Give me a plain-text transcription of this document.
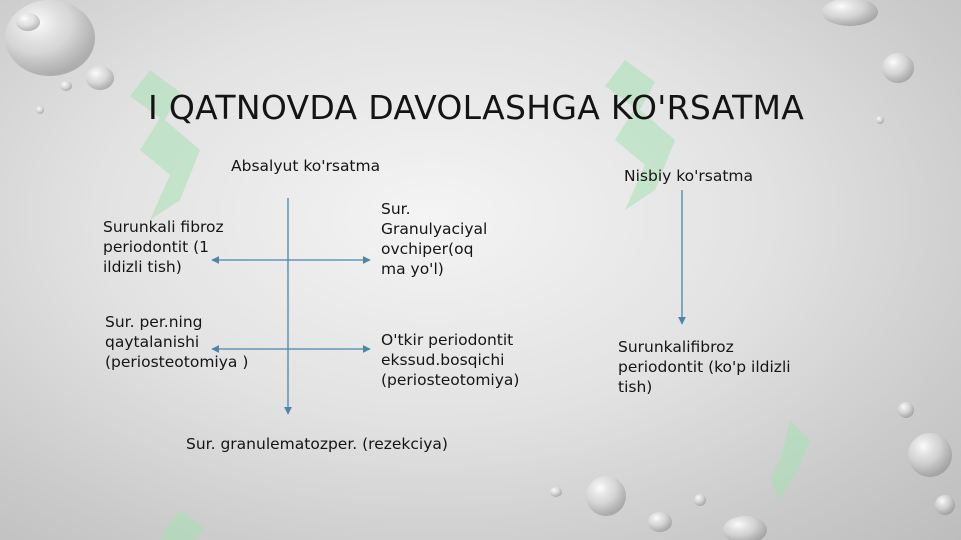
I QATNOVDA DAVOLASHGA KO'RSATMA
Absalyut ko'rsatma
Surunkali fibroz periodontit (1 ildizli tish)
Sur. Granulyaciyal ovchiper(oq ma yo'l)
Sur. per.ning qaytalanishi (periosteotomiya )
O'tkir periodontit ekssud.bosqichi (periosteotomiya)
Sur. granulematozper. (rezekciya)
Nisbiy ko'rsatma
Surunkalifibroz periodontit (ko'p ildizli tish)
